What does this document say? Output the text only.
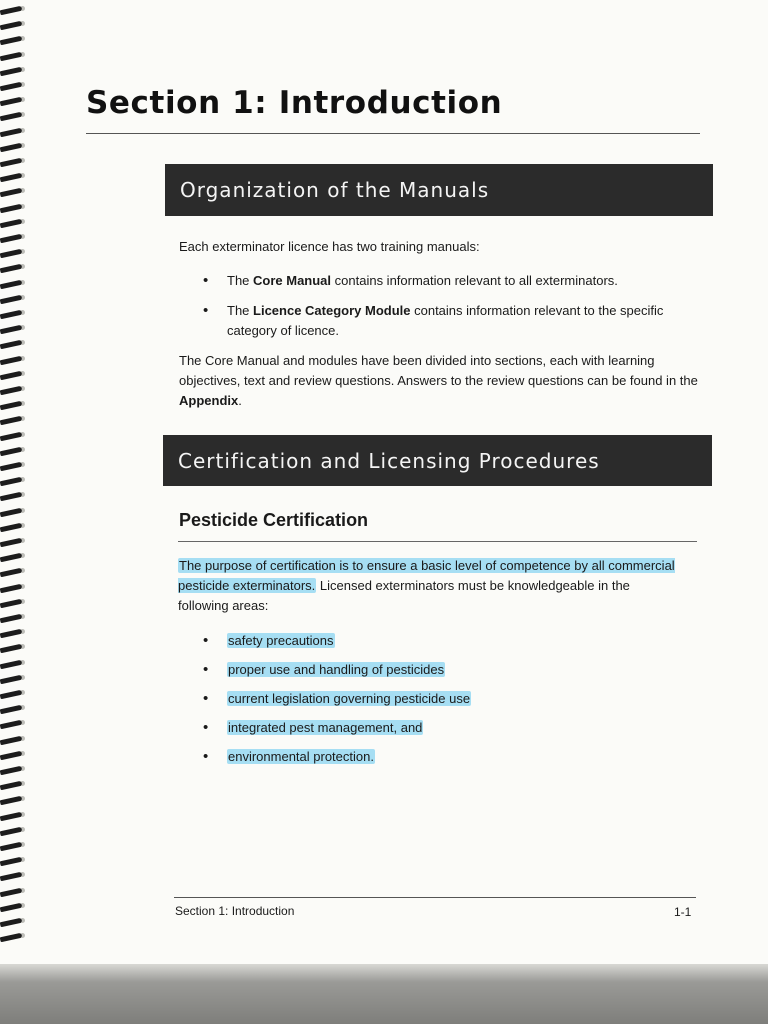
Section 1: Introduction
Organization of the Manuals
Each exterminator licence has two training manuals:
• The Core Manual contains information relevant to all exterminators.
• The Licence Category Module contains information relevant to the specific category of licence.
The Core Manual and modules have been divided into sections, each with learning objectives, text and review questions. Answers to the review questions can be found in the Appendix.
Certification and Licensing Procedures
Pesticide Certification
The purpose of certification is to ensure a basic level of competence by all commercial pesticide exterminators. Licensed exterminators must be knowledgeable in the following areas:
• safety precautions
• proper use and handling of pesticides
• current legislation governing pesticide use
• integrated pest management, and
• environmental protection.
Section 1: Introduction	1-1
